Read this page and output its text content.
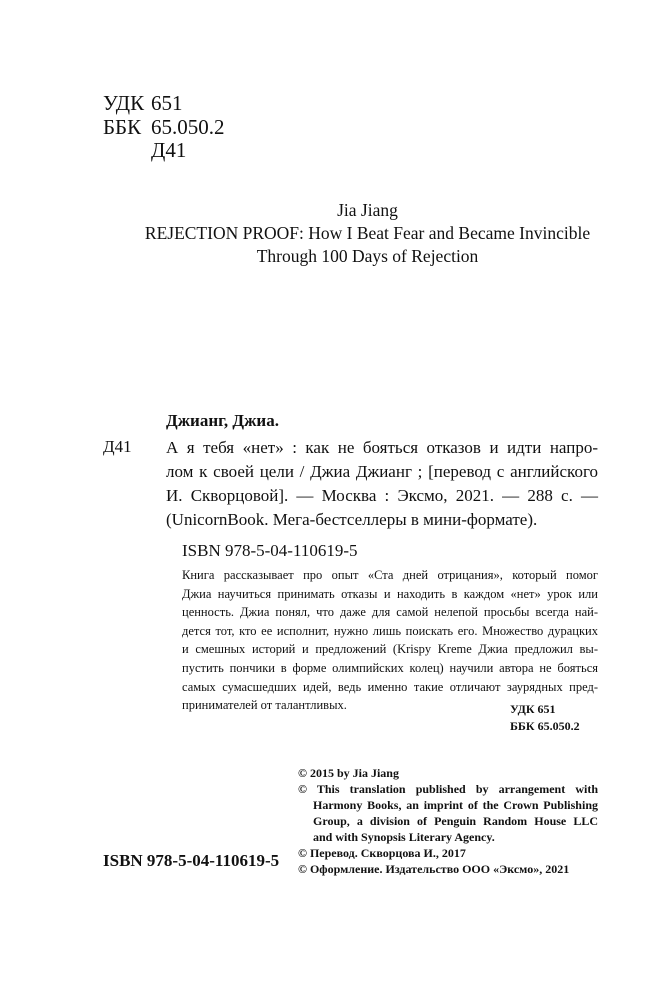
УДК 651
ББК 65.050.2
Д41
Jia Jiang
REJECTION PROOF: How I Beat Fear and Became Invincible
Through 100 Days of Rejection
Джианг, Джиа.
Д41 А я тебя «нет» : как не бояться отказов и идти напро-
лом к своей цели / Джиа Джианг ; [перевод с английского
И. Скворцовой]. — Москва : Эксмо, 2021. — 288 с. —
(UnicornBook. Мега-бестселлеры в мини-формате).
ISBN 978-5-04-110619-5
Книга рассказывает про опыт «Ста дней отрицания», который помог
Джиа научиться принимать отказы и находить в каждом «нет» урок или
ценность. Джиа понял, что даже для самой нелепой просьбы всегда най-
дется тот, кто ее исполнит, нужно лишь поискать его. Множество дурацких
и смешных историй и предложений (Krispy Kreme Джиа предложил вы-
пустить пончики в форме олимпийских колец) научили автора не бояться
самых сумасшедших идей, ведь именно такие отличают заурядных пред-
принимателей от талантливых.	УДК 651
ББК 65.050.2
© 2015 by Jia Jiang
© This translation published by arrangement with
Harmony Books, an imprint of the Crown Publishing
Group, a division of Penguin Random House LLC
and with Synopsis Literary Agency.
© Перевод. Скворцова И., 2017
© Оформление. Издательство ООО «Эксмо», 2021
ISBN 978-5-04-110619-5
